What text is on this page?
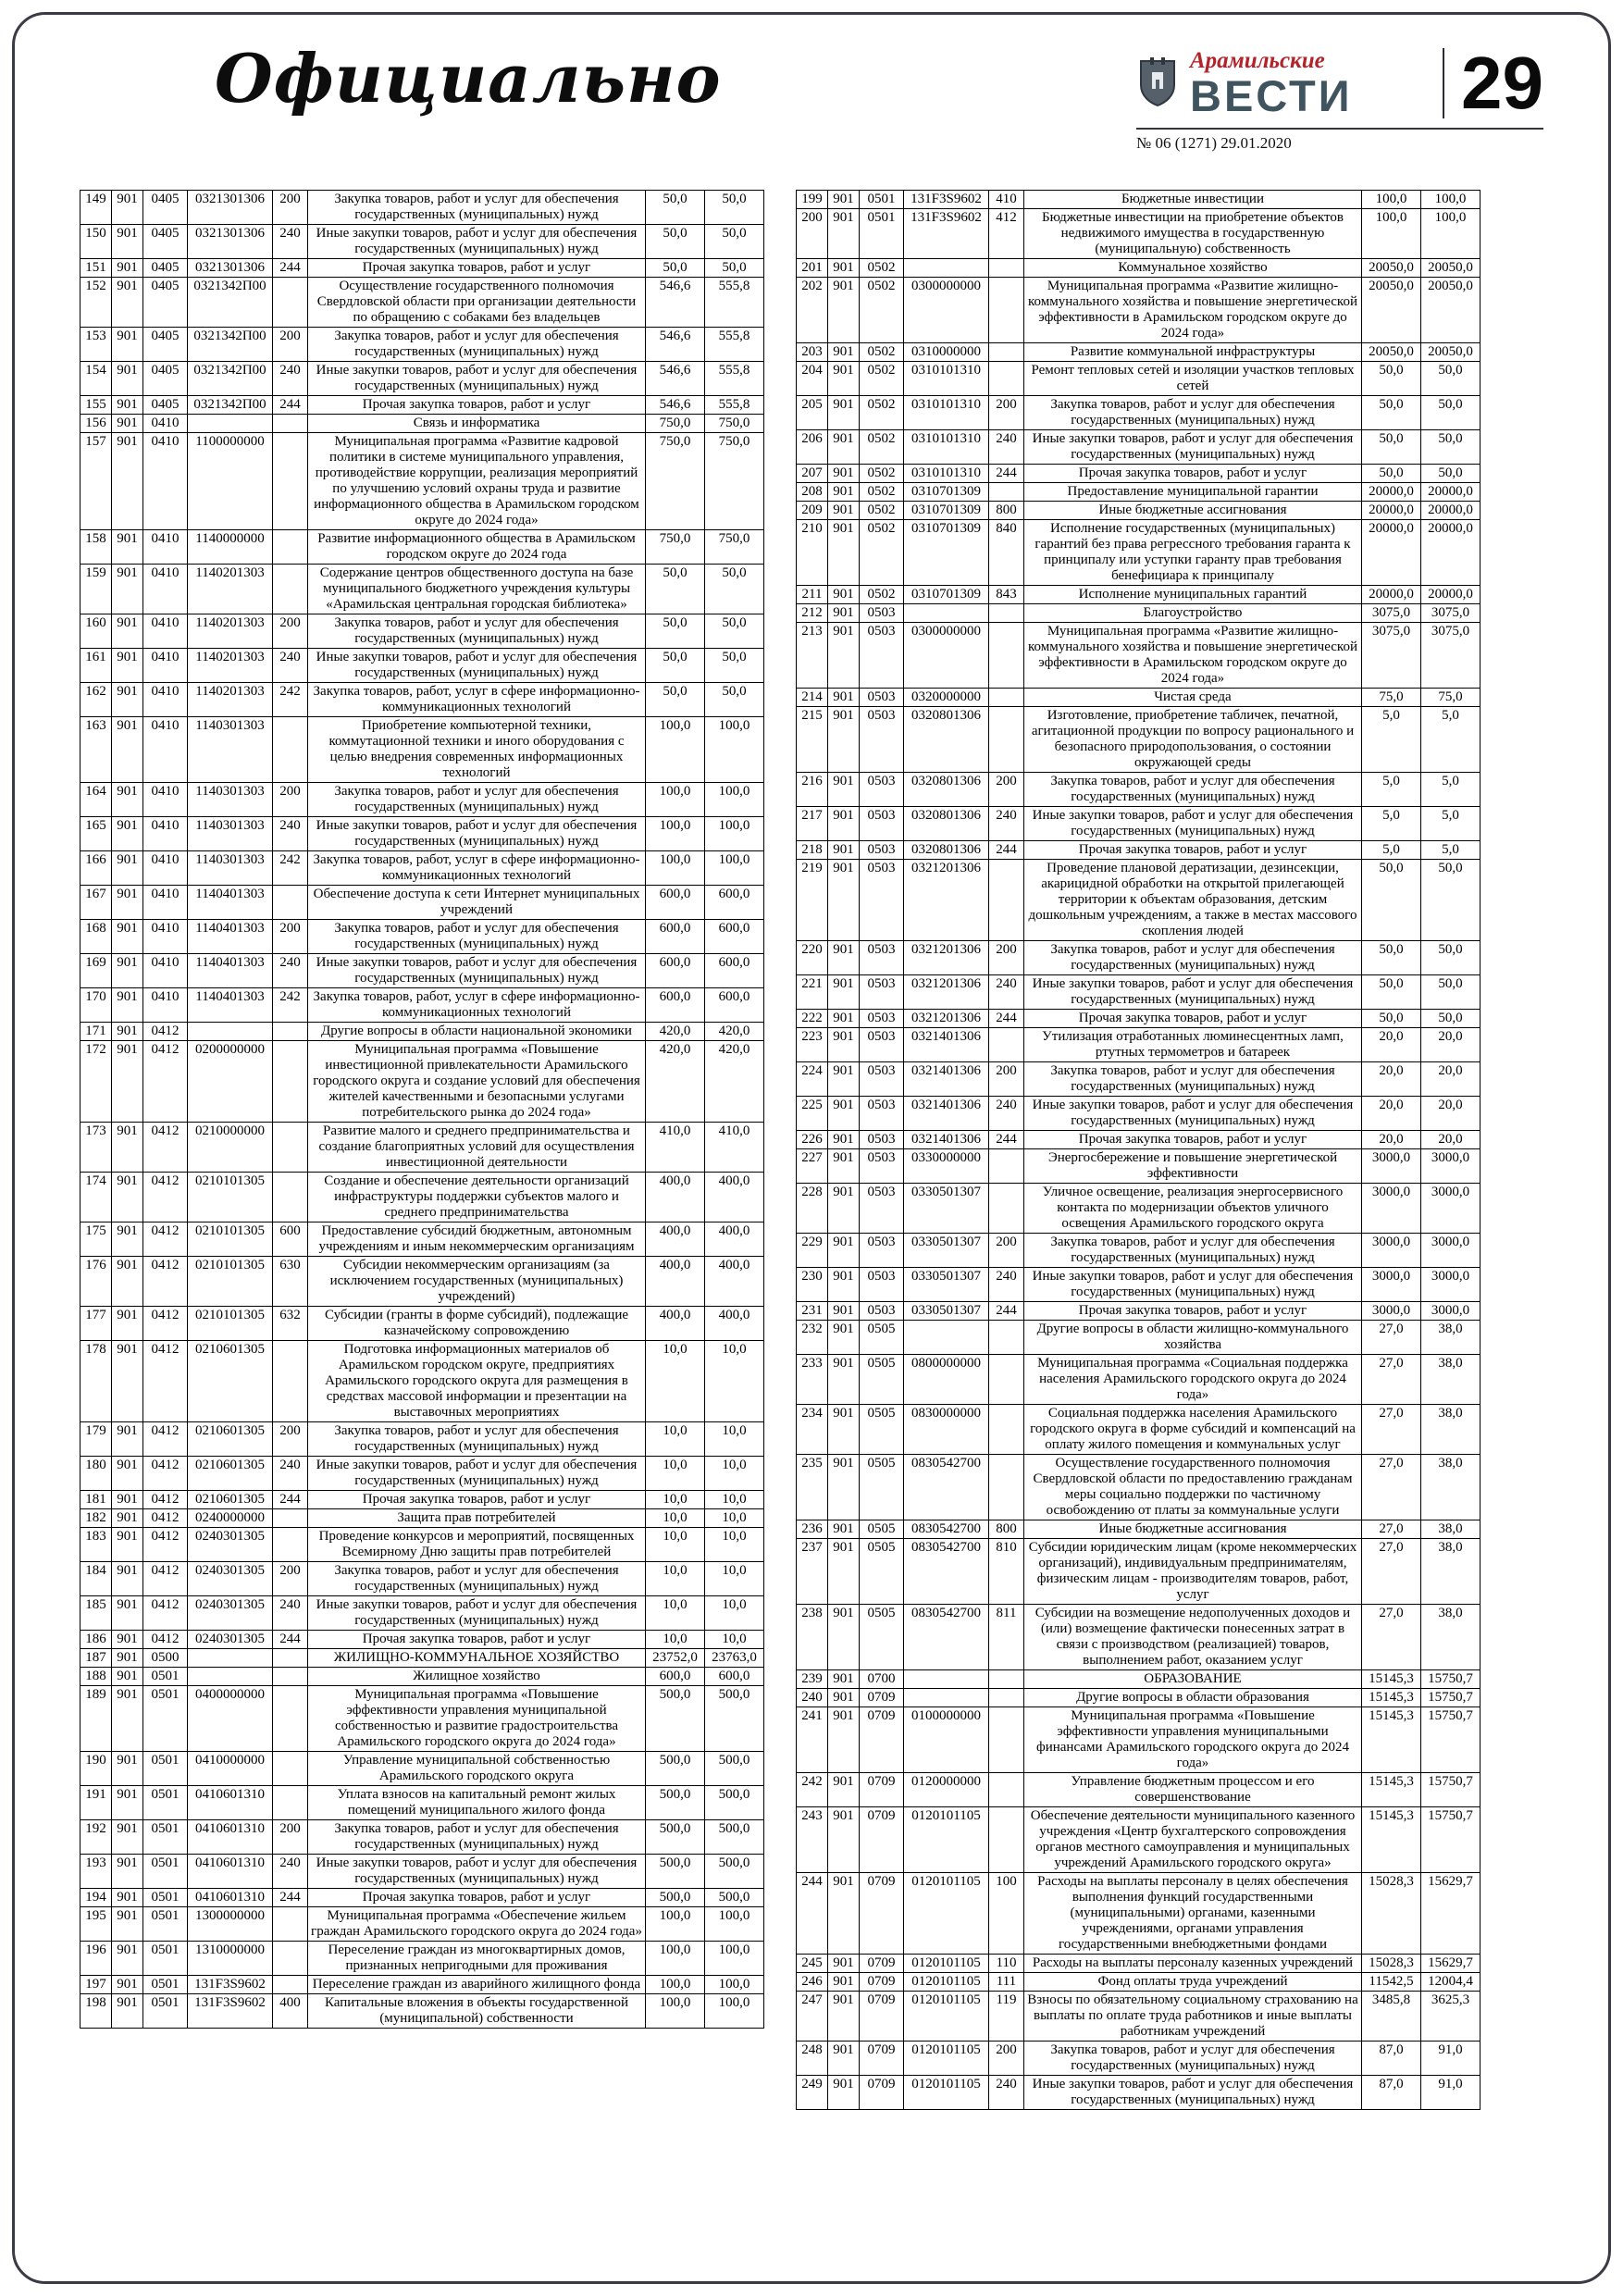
Официально	Арамильские
ВЕСТИ 29
№ 06 (1271) 29.01.2020
149	901	0405	0321301306	200	Закупка товаров, работ и услуг для обеспечения государственных (муниципальных) нужд	50,0	50,0
150	901	0405	0321301306	240	Иные закупки товаров, работ и услуг для обеспечения государственных (муниципальных) нужд	50,0	50,0
151	901	0405	0321301306	244	Прочая закупка товаров, работ и услуг	50,0	50,0
152	901	0405	0321342П00		Осуществление государственного полномочия Свердловской области при организации деятельности по обращению с собаками без владельцев	546,6	555,8
153	901	0405	0321342П00	200	Закупка товаров, работ и услуг для обеспечения государственных (муниципальных) нужд	546,6	555,8
154	901	0405	0321342П00	240	Иные закупки товаров, работ и услуг для обеспечения государственных (муниципальных) нужд	546,6	555,8
155	901	0405	0321342П00	244	Прочая закупка товаров, работ и услуг	546,6	555,8
156	901	0410			Связь и информатика	750,0	750,0
157	901	0410	1100000000		Муниципальная программа «Развитие кадровой политики в системе муниципального управления, противодействие коррупции, реализация мероприятий по улучшению условий охраны труда и развитие информационного общества в Арамильском городском округе до 2024 года»	750,0	750,0
158	901	0410	1140000000		Развитие информационного общества в Арамильском городском округе до 2024 года	750,0	750,0
159	901	0410	1140201303		Содержание центров общественного доступа на базе муниципального бюджетного учреждения культуры «Арамильская центральная городская библиотека»	50,0	50,0
160	901	0410	1140201303	200	Закупка товаров, работ и услуг для обеспечения государственных (муниципальных) нужд	50,0	50,0
161	901	0410	1140201303	240	Иные закупки товаров, работ и услуг для обеспечения государственных (муниципальных) нужд	50,0	50,0
162	901	0410	1140201303	242	Закупка товаров, работ, услуг в сфере информационно-коммуникационных технологий	50,0	50,0
163	901	0410	1140301303		Приобретение компьютерной техники, коммутационной техники и иного оборудования с целью внедрения современных информационных технологий	100,0	100,0
164	901	0410	1140301303	200	Закупка товаров, работ и услуг для обеспечения государственных (муниципальных) нужд	100,0	100,0
165	901	0410	1140301303	240	Иные закупки товаров, работ и услуг для обеспечения государственных (муниципальных) нужд	100,0	100,0
166	901	0410	1140301303	242	Закупка товаров, работ, услуг в сфере информационно-коммуникационных технологий	100,0	100,0
167	901	0410	1140401303		Обеспечение доступа к сети Интернет муниципальных учреждений	600,0	600,0
168	901	0410	1140401303	200	Закупка товаров, работ и услуг для обеспечения государственных (муниципальных) нужд	600,0	600,0
169	901	0410	1140401303	240	Иные закупки товаров, работ и услуг для обеспечения государственных (муниципальных) нужд	600,0	600,0
170	901	0410	1140401303	242	Закупка товаров, работ, услуг в сфере информационно-коммуникационных технологий	600,0	600,0
171	901	0412			Другие вопросы в области национальной экономики	420,0	420,0
172	901	0412	0200000000		Муниципальная программа «Повышение инвестиционной привлекательности Арамильского городского округа и создание условий для обеспечения жителей качественными и безопасными услугами потребительского рынка до 2024 года»	420,0	420,0
173	901	0412	0210000000		Развитие малого и среднего предпринимательства и создание благоприятных условий для осуществления инвестиционной деятельности	410,0	410,0
174	901	0412	0210101305		Создание и обеспечение деятельности организаций инфраструктуры поддержки субъектов малого и среднего предпринимательства	400,0	400,0
175	901	0412	0210101305	600	Предоставление субсидий бюджетным, автономным учреждениям и иным некоммерческим организациям	400,0	400,0
176	901	0412	0210101305	630	Субсидии некоммерческим организациям (за исключением государственных (муниципальных) учреждений)	400,0	400,0
177	901	0412	0210101305	632	Субсидии (гранты в форме субсидий), подлежащие казначейскому сопровождению	400,0	400,0
178	901	0412	0210601305		Подготовка информационных материалов об Арамильском городском округе, предприятиях Арамильского городского округа для размещения в средствах массовой информации и презентации на выставочных мероприятиях	10,0	10,0
179	901	0412	0210601305	200	Закупка товаров, работ и услуг для обеспечения государственных (муниципальных) нужд	10,0	10,0
180	901	0412	0210601305	240	Иные закупки товаров, работ и услуг для обеспечения государственных (муниципальных) нужд	10,0	10,0
181	901	0412	0210601305	244	Прочая закупка товаров, работ и услуг	10,0	10,0
182	901	0412	0240000000		Защита прав потребителей	10,0	10,0
183	901	0412	0240301305		Проведение конкурсов и мероприятий, посвященных Всемирному Дню защиты прав потребителей	10,0	10,0
184	901	0412	0240301305	200	Закупка товаров, работ и услуг для обеспечения государственных (муниципальных) нужд	10,0	10,0
185	901	0412	0240301305	240	Иные закупки товаров, работ и услуг для обеспечения государственных (муниципальных) нужд	10,0	10,0
186	901	0412	0240301305	244	Прочая закупка товаров, работ и услуг	10,0	10,0
187	901	0500			ЖИЛИЩНО-КОММУНАЛЬНОЕ ХОЗЯЙСТВО	23752,0	23763,0
188	901	0501			Жилищное хозяйство	600,0	600,0
189	901	0501	0400000000		Муниципальная программа «Повышение эффективности управления муниципальной собственностью и развитие градостроительства Арамильского городского округа до 2024 года»	500,0	500,0
190	901	0501	0410000000		Управление муниципальной собственностью Арамильского городского округа	500,0	500,0
191	901	0501	0410601310		Уплата взносов на капитальный ремонт жилых помещений муниципального жилого фонда	500,0	500,0
192	901	0501	0410601310	200	Закупка товаров, работ и услуг для обеспечения государственных (муниципальных) нужд	500,0	500,0
193	901	0501	0410601310	240	Иные закупки товаров, работ и услуг для обеспечения государственных (муниципальных) нужд	500,0	500,0
194	901	0501	0410601310	244	Прочая закупка товаров, работ и услуг	500,0	500,0
195	901	0501	1300000000		Муниципальная программа «Обеспечение жильем граждан Арамильского городского округа до 2024 года»	100,0	100,0
196	901	0501	1310000000		Переселение граждан из многоквартирных домов, признанных непригодными для проживания	100,0	100,0
197	901	0501	131F3S9602		Переселение граждан из аварийного жилищного фонда	100,0	100,0
198	901	0501	131F3S9602	400	Капитальные вложения в объекты государственной (муниципальной) собственности	100,0	100,0
199	901	0501	131F3S9602	410	Бюджетные инвестиции	100,0	100,0
200	901	0501	131F3S9602	412	Бюджетные инвестиции на приобретение объектов недвижимого имущества в государственную (муниципальную) собственность	100,0	100,0
201	901	0502			Коммунальное хозяйство	20050,0	20050,0
202	901	0502	0300000000		Муниципальная программа «Развитие жилищно-коммунального хозяйства и повышение энергетической эффективности в Арамильском городском округе до 2024 года»	20050,0	20050,0
203	901	0502	0310000000		Развитие коммунальной инфраструктуры	20050,0	20050,0
204	901	0502	0310101310		Ремонт тепловых сетей и изоляции участков тепловых сетей	50,0	50,0
205	901	0502	0310101310	200	Закупка товаров, работ и услуг для обеспечения государственных (муниципальных) нужд	50,0	50,0
206	901	0502	0310101310	240	Иные закупки товаров, работ и услуг для обеспечения государственных (муниципальных) нужд	50,0	50,0
207	901	0502	0310101310	244	Прочая закупка товаров, работ и услуг	50,0	50,0
208	901	0502	0310701309		Предоставление муниципальной гарантии	20000,0	20000,0
209	901	0502	0310701309	800	Иные бюджетные ассигнования	20000,0	20000,0
210	901	0502	0310701309	840	Исполнение государственных (муниципальных) гарантий без права регрессного требования гаранта к принципалу или уступки гаранту прав требования бенефициара к принципалу	20000,0	20000,0
211	901	0502	0310701309	843	Исполнение муниципальных гарантий	20000,0	20000,0
212	901	0503			Благоустройство	3075,0	3075,0
213	901	0503	0300000000		Муниципальная программа «Развитие жилищно-коммунального хозяйства и повышение энергетической эффективности в Арамильском городском округе до 2024 года»	3075,0	3075,0
214	901	0503	0320000000		Чистая среда	75,0	75,0
215	901	0503	0320801306		Изготовление, приобретение табличек, печатной, агитационной продукции по вопросу рационального и безопасного природопользования, о состоянии окружающей среды	5,0	5,0
216	901	0503	0320801306	200	Закупка товаров, работ и услуг для обеспечения государственных (муниципальных) нужд	5,0	5,0
217	901	0503	0320801306	240	Иные закупки товаров, работ и услуг для обеспечения государственных (муниципальных) нужд	5,0	5,0
218	901	0503	0320801306	244	Прочая закупка товаров, работ и услуг	5,0	5,0
219	901	0503	0321201306		Проведение плановой дератизации, дезинсекции, акарицидной обработки на открытой прилегающей территории к объектам образования, детским дошкольным учреждениям, а также в местах массового скопления людей	50,0	50,0
220	901	0503	0321201306	200	Закупка товаров, работ и услуг для обеспечения государственных (муниципальных) нужд	50,0	50,0
221	901	0503	0321201306	240	Иные закупки товаров, работ и услуг для обеспечения государственных (муниципальных) нужд	50,0	50,0
222	901	0503	0321201306	244	Прочая закупка товаров, работ и услуг	50,0	50,0
223	901	0503	0321401306		Утилизация отработанных люминесцентных ламп, ртутных термометров и батареек	20,0	20,0
224	901	0503	0321401306	200	Закупка товаров, работ и услуг для обеспечения государственных (муниципальных) нужд	20,0	20,0
225	901	0503	0321401306	240	Иные закупки товаров, работ и услуг для обеспечения государственных (муниципальных) нужд	20,0	20,0
226	901	0503	0321401306	244	Прочая закупка товаров, работ и услуг	20,0	20,0
227	901	0503	0330000000		Энергосбережение и повышение энергетической эффективности	3000,0	3000,0
228	901	0503	0330501307		Уличное освещение, реализация энергосервисного контакта по модернизации объектов уличного освещения Арамильского городского округа	3000,0	3000,0
229	901	0503	0330501307	200	Закупка товаров, работ и услуг для обеспечения государственных (муниципальных) нужд	3000,0	3000,0
230	901	0503	0330501307	240	Иные закупки товаров, работ и услуг для обеспечения государственных (муниципальных) нужд	3000,0	3000,0
231	901	0503	0330501307	244	Прочая закупка товаров, работ и услуг	3000,0	3000,0
232	901	0505			Другие вопросы в области жилищно-коммунального хозяйства	27,0	38,0
233	901	0505	0800000000		Муниципальная программа «Социальная поддержка населения Арамильского городского округа до 2024 года»	27,0	38,0
234	901	0505	0830000000		Социальная поддержка населения Арамильского городского округа в форме субсидий и компенсаций на оплату жилого помещения и коммунальных услуг	27,0	38,0
235	901	0505	0830542700		Осуществление государственного полномочия Свердловской области по предоставлению гражданам меры социально поддержки по частичному освобождению от платы за коммунальные услуги	27,0	38,0
236	901	0505	0830542700	800	Иные бюджетные ассигнования	27,0	38,0
237	901	0505	0830542700	810	Субсидии юридическим лицам (кроме некоммерческих организаций), индивидуальным предпринимателям, физическим лицам - производителям товаров, работ, услуг	27,0	38,0
238	901	0505	0830542700	811	Субсидии на возмещение недополученных доходов и (или) возмещение фактически понесенных затрат в связи с производством (реализацией) товаров, выполнением работ, оказанием услуг	27,0	38,0
239	901	0700			ОБРАЗОВАНИЕ	15145,3	15750,7
240	901	0709			Другие вопросы в области образования	15145,3	15750,7
241	901	0709	0100000000		Муниципальная программа «Повышение эффективности управления муниципальными финансами Арамильского городского округа до 2024 года»	15145,3	15750,7
242	901	0709	0120000000		Управление бюджетным процессом и его совершенствование	15145,3	15750,7
243	901	0709	0120101105		Обеспечение деятельности муниципального казенного учреждения «Центр бухгалтерского сопровождения органов местного самоуправления и муниципальных учреждений Арамильского городского округа»	15145,3	15750,7
244	901	0709	0120101105	100	Расходы на выплаты персоналу в целях обеспечения выполнения функций государственными (муниципальными) органами, казенными учреждениями, органами управления государственными внебюджетными фондами	15028,3	15629,7
245	901	0709	0120101105	110	Расходы на выплаты персоналу казенных учреждений	15028,3	15629,7
246	901	0709	0120101105	111	Фонд оплаты труда учреждений	11542,5	12004,4
247	901	0709	0120101105	119	Взносы по обязательному социальному страхованию на выплаты по оплате труда работников и иные выплаты работникам учреждений	3485,8	3625,3
248	901	0709	0120101105	200	Закупка товаров, работ и услуг для обеспечения государственных (муниципальных) нужд	87,0	91,0
249	901	0709	0120101105	240	Иные закупки товаров, работ и услуг для обеспечения государственных (муниципальных) нужд	87,0	91,0
